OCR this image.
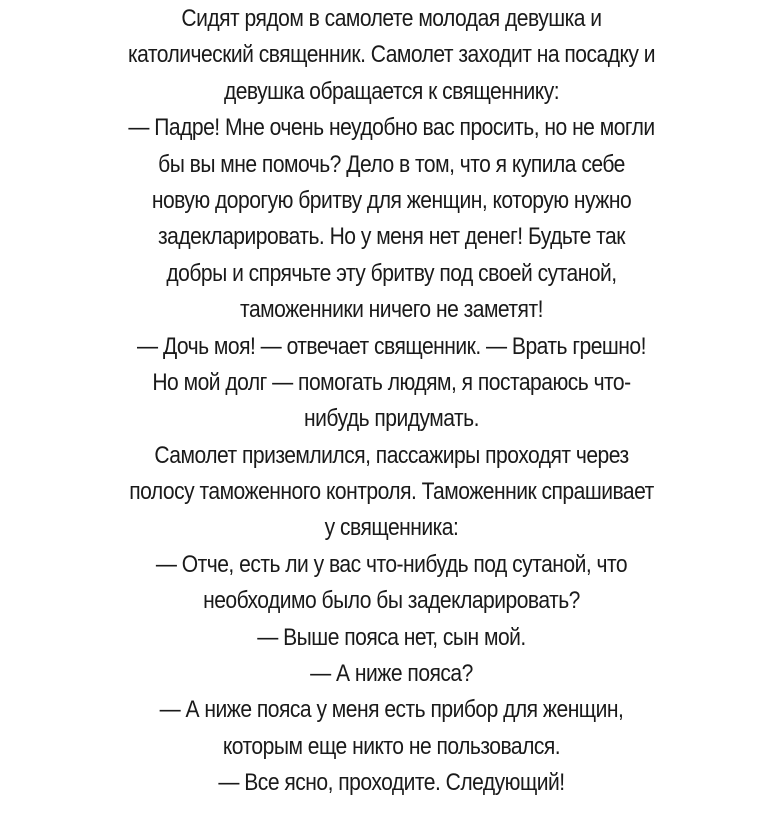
Сидят рядом в самолете молодая девушка и
католический священник. Самолет заходит на посадку и
девушка обращается к священнику:
— Падре! Мне очень неудобно вас просить, но не могли
бы вы мне помочь? Дело в том, что я купила себе
новую дорогую бритву для женщин, которую нужно
задекларировать. Но у меня нет денег! Будьте так
добры и спрячьте эту бритву под своей сутаной,
таможенники ничего не заметят!
— Дочь моя! — отвечает священник. — Врать грешно!
Но мой долг — помогать людям, я постараюсь что-
нибудь придумать.
Самолет приземлился, пассажиры проходят через
полосу таможенного контроля. Таможенник спрашивает
у священника:
— Отче, есть ли у вас что-нибудь под сутаной, что
необходимо было бы задекларировать?
— Выше пояса нет, сын мой.
— А ниже пояса?
— А ниже пояса у меня есть прибор для женщин,
которым еще никто не пользовался.
— Все ясно, проходите. Следующий!
